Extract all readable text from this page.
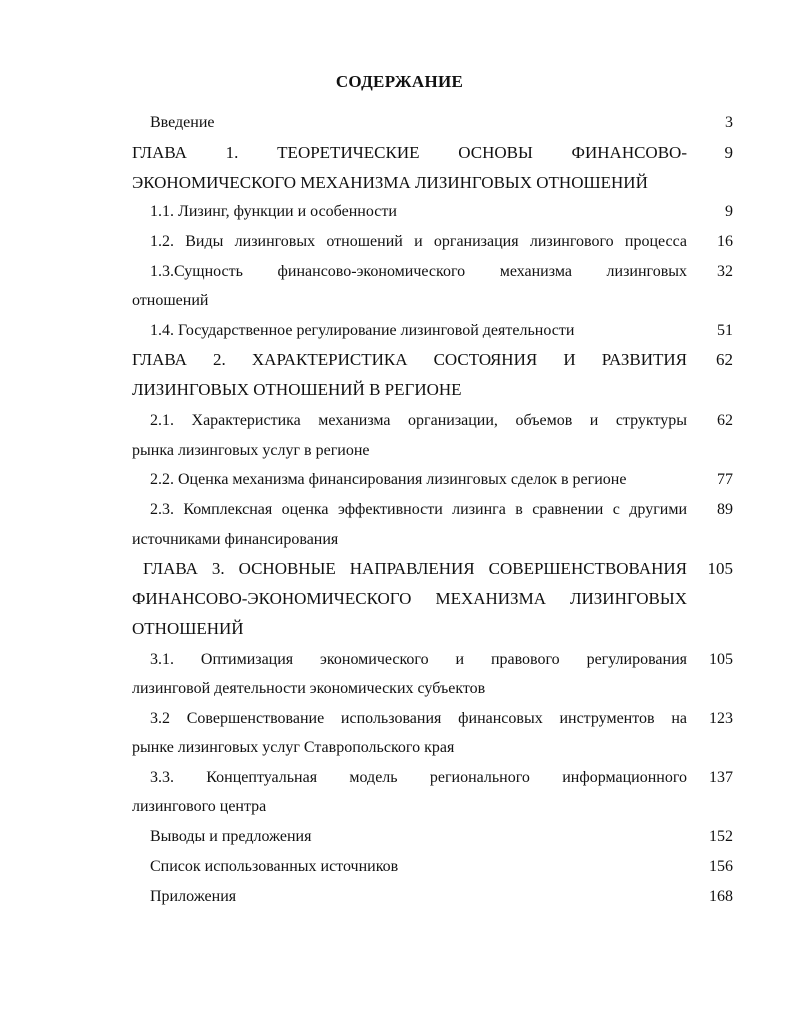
СОДЕРЖАНИЕ
Введение	3
ГЛАВА 1. ТЕОРЕТИЧЕСКИЕ ОСНОВЫ ФИНАНСОВО-	9
ЭКОНОМИЧЕСКОГО МЕХАНИЗМА ЛИЗИНГОВЫХ ОТНОШЕНИЙ
1.1. Лизинг, функции и особенности	9
1.2. Виды лизинговых отношений и организация лизингового процесса	16
1.3.Сущность финансово-экономического механизма лизинговых	32
отношений
1.4. Государственное регулирование лизинговой деятельности	51
ГЛАВА 2. ХАРАКТЕРИСТИКА СОСТОЯНИЯ И РАЗВИТИЯ	62
ЛИЗИНГОВЫХ ОТНОШЕНИЙ В РЕГИОНЕ
2.1. Характеристика механизма организации, объемов и структуры	62
рынка лизинговых услуг в регионе
2.2. Оценка механизма финансирования лизинговых сделок в регионе	77
2.3. Комплексная оценка эффективности лизинга в сравнении с другими	89
источниками финансирования
ГЛАВА 3. ОСНОВНЫЕ НАПРАВЛЕНИЯ СОВЕРШЕНСТВОВАНИЯ	105
ФИНАНСОВО-ЭКОНОМИЧЕСКОГО МЕХАНИЗМА ЛИЗИНГОВЫХ
ОТНОШЕНИЙ
3.1. Оптимизация экономического и правового регулирования	105
лизинговой деятельности экономических субъектов
3.2 Совершенствование использования финансовых инструментов на	123
рынке лизинговых услуг Ставропольского края
3.3. Концептуальная модель регионального информационного	137
лизингового центра
Выводы и предложения	152
Список использованных источников	156
Приложения	168
